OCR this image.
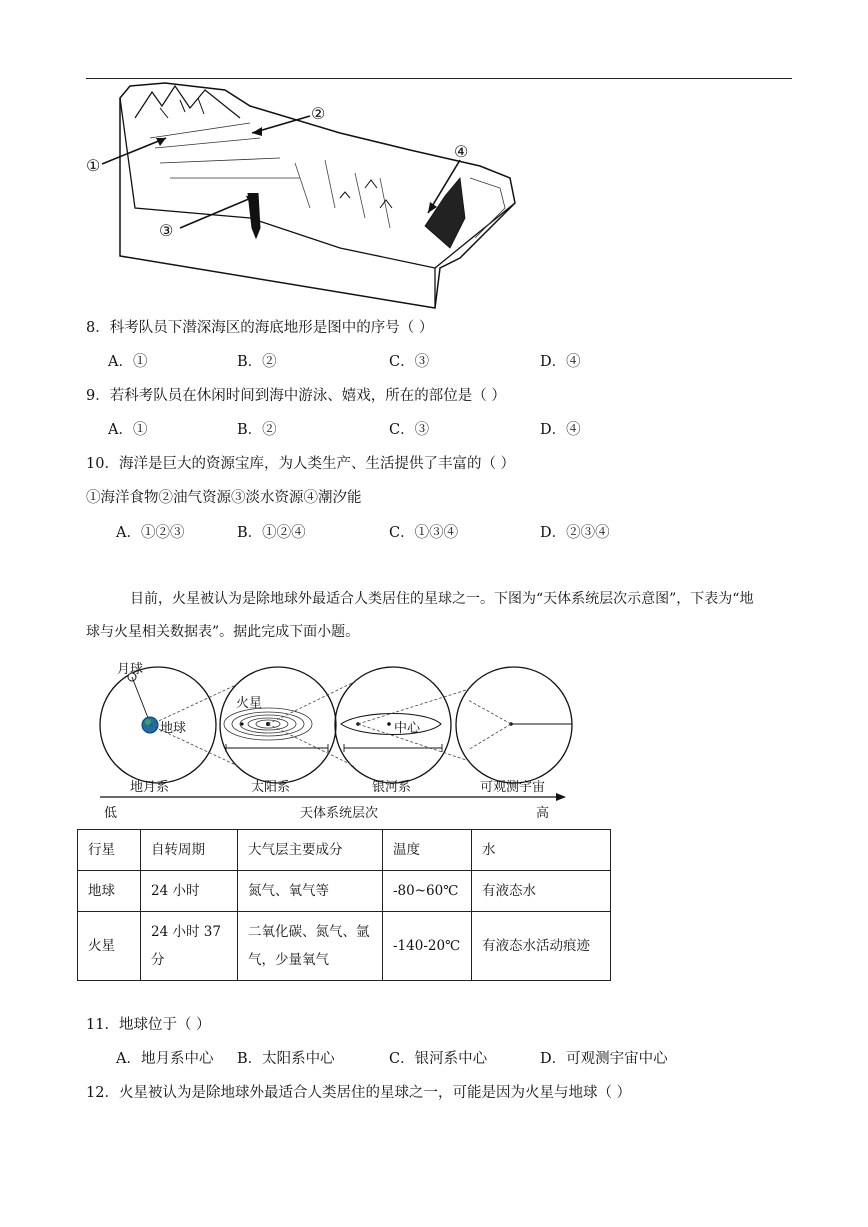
①
②
③
④
8．科考队员下潜深海区的海底地形是图中的序号（ ）
A．①	B．②	C．③	D．④
9．若科考队员在休闲时间到海中游泳、嬉戏，所在的部位是（ ）
A．①	B．②	C．③	D．④
10．海洋是巨大的资源宝库，为人类生产、生活提供了丰富的（ ）
①海洋食物②油气资源③淡水资源④潮汐能
A．①②③	B．①②④	C．①③④	D．②③④
目前，火星被认为是除地球外最适合人类居住的星球之一。下图为“天体系统层次示意图”，下表为“地
球与火星相关数据表”。据此完成下面小题。
月球
地球
火星
中心
地月系	太阳系	银河系	可观测宇宙
低	天体系统层次	高
行星	自转周期	大气层主要成分	温度	水
地球	24 小时	氮气、氧气等	-80~60℃	有液态水
火星	24 小时 37 分	二氧化碳、氮气、氩气，少量氧气	-140-20℃	有液态水活动痕迹
11．地球位于（ ）
A．地月系中心 B．太阳系中心	C．银河系中心	D．可观测宇宙中心
12．火星被认为是除地球外最适合人类居住的星球之一，可能是因为火星与地球（ ）
